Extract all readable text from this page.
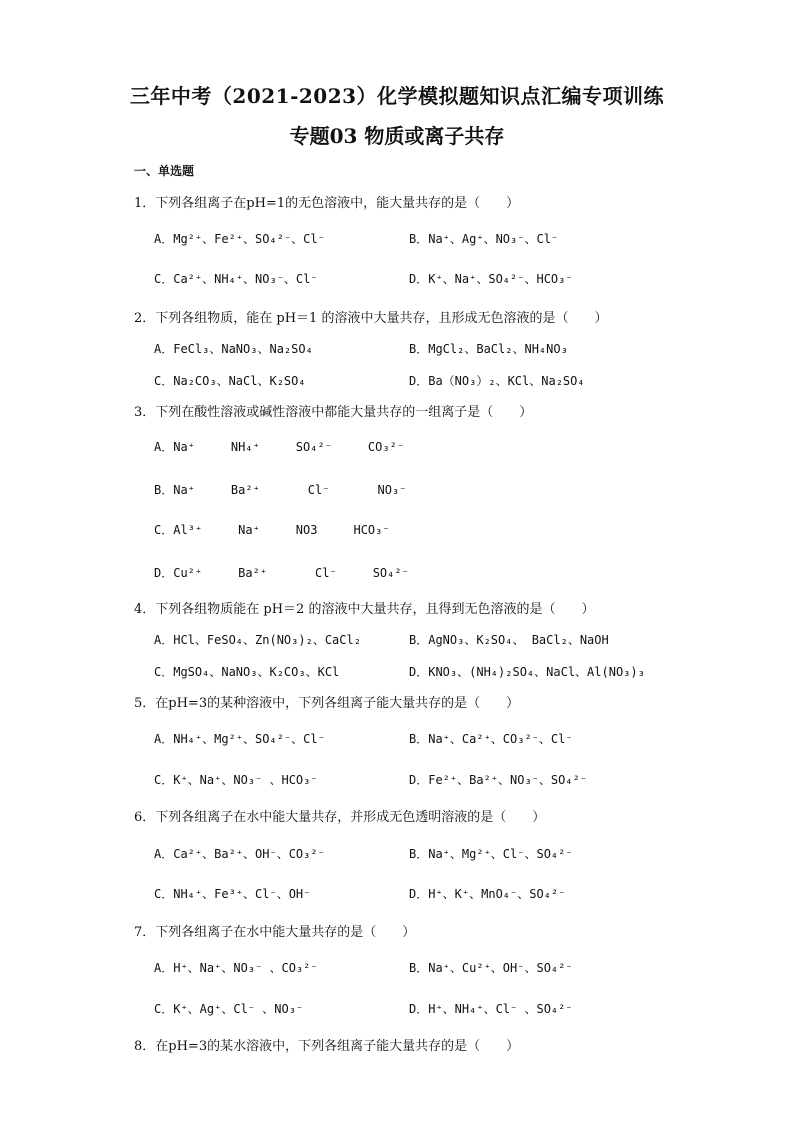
三年中考（2021-2023）化学模拟题知识点汇编专项训练
专题03 物质或离子共存
一、单选题
1．下列各组离子在pH=1的无色溶液中，能大量共存的是（　　）
A．Mg²⁺、Fe²⁺、SO₄²⁻、Cl⁻	B．Na⁺、Ag⁺、NO₃⁻、Cl⁻
C．Ca²⁺、NH₄⁺、NO₃⁻、Cl⁻	D．K⁺、Na⁺、SO₄²⁻、HCO₃⁻
2．下列各组物质，能在 pH＝1 的溶液中大量共存，且形成无色溶液的是（　　）
A．FeCl₃、NaNO₃、Na₂SO₄	B．MgCl₂、BaCl₂、NH₄NO₃
C．Na₂CO₃、NaCl、K₂SO₄	D．Ba（NO₃）₂、KCl、Na₂SO₄
3．下列在酸性溶液或碱性溶液中都能大量共存的一组离子是（　　）
A．Na⁺　　　NH₄⁺　　　SO₄²⁻　　　CO₃²⁻
B．Na⁺　　　Ba²⁺　　　　Cl⁻　　　　NO₃⁻
C．Al³⁺　　　Na⁺　　　NO3　　　HCO₃⁻
D．Cu²⁺　　　Ba²⁺　　　　Cl⁻　　　SO₄²⁻
4．下列各组物质能在 pH＝2 的溶液中大量共存，且得到无色溶液的是（　　）
A．HCl、FeSO₄、Zn(NO₃)₂、CaCl₂	B．AgNO₃、K₂SO₄、 BaCl₂、NaOH
C．MgSO₄、NaNO₃、K₂CO₃、KCl	D．KNO₃、(NH₄)₂SO₄、NaCl、Al(NO₃)₃
5．在pH=3的某种溶液中，下列各组离子能大量共存的是（　　）
A．NH₄⁺、Mg²⁺、SO₄²⁻、Cl⁻	B．Na⁺、Ca²⁺、CO₃²⁻、Cl⁻
C．K⁺、Na⁺、NO₃⁻ 、HCO₃⁻	D．Fe²⁺、Ba²⁺、NO₃⁻、SO₄²⁻
6．下列各组离子在水中能大量共存，并形成无色透明溶液的是（　　）
A．Ca²⁺、Ba²⁺、OH⁻、CO₃²⁻	B．Na⁺、Mg²⁺、Cl⁻、SO₄²⁻
C．NH₄⁺、Fe³⁺、Cl⁻、OH⁻	D．H⁺、K⁺、MnO₄⁻、SO₄²⁻
7．下列各组离子在水中能大量共存的是（　　）
A．H⁺、Na⁺、NO₃⁻ 、CO₃²⁻	B．Na⁺、Cu²⁺、OH⁻、SO₄²⁻
C．K⁺、Ag⁺、Cl⁻ 、NO₃⁻	D．H⁺、NH₄⁺、Cl⁻ 、SO₄²⁻
8．在pH=3的某水溶液中，下列各组离子能大量共存的是（　　）
